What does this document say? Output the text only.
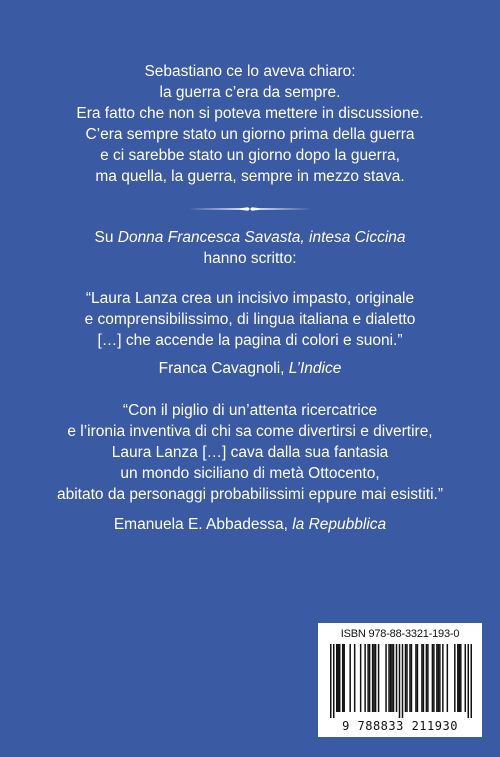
Sebastiano ce lo aveva chiaro:
la guerra c’era da sempre.
Era fatto che non si poteva mettere in discussione.
C’era sempre stato un giorno prima della guerra
e ci sarebbe stato un giorno dopo la guerra,
ma quella, la guerra, sempre in mezzo stava.
Su Donna Francesca Savasta, intesa Ciccina
hanno scritto:
“Laura Lanza crea un incisivo impasto, originale
e comprensibilissimo, di lingua italiana e dialetto
[…] che accende la pagina di colori e suoni.”
Franca Cavagnoli, L’Indice
“Con il piglio di un’attenta ricercatrice
e l’ironia inventiva di chi sa come divertirsi e divertire,
Laura Lanza […] cava dalla sua fantasia
un mondo siciliano di metà Ottocento,
abitato da personaggi probabilissimi eppure mai esistiti.”
Emanuela E. Abbadessa, la Repubblica
ISBN 978-88-3321-193-0
9 788833 211930
